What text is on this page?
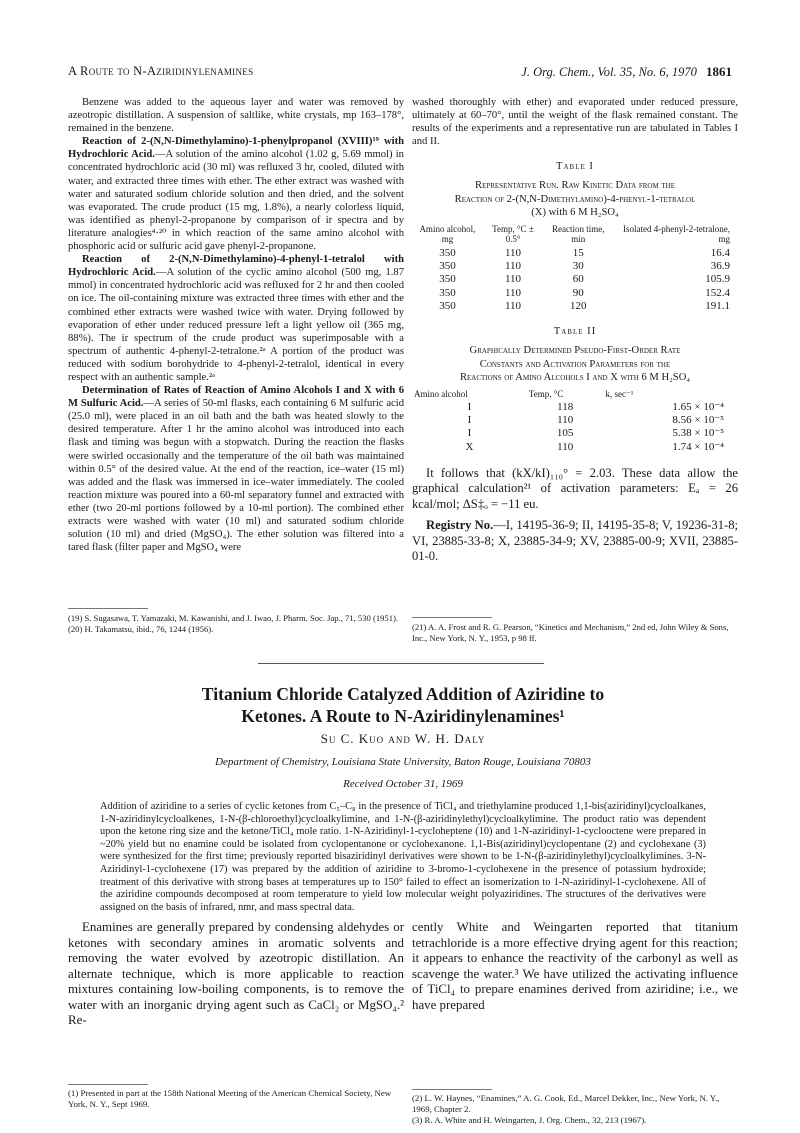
A Route to N-Aziridinylenamines	J. Org. Chem., Vol. 35, No. 6, 1970 1861

Benzene was added to the aqueous layer and water was removed by azeotropic distillation. A suspension of saltlike, white crystals, mp 163–178°, remained in the benzene.

Reaction of 2-(N,N-Dimethylamino)-1-phenylpropanol (XVIII)¹⁹ with Hydrochloric Acid.—A solution of the amino alcohol (1.02 g, 5.69 mmol) in concentrated hydrochloric acid (30 ml) was refluxed 3 hr, cooled, diluted with water, and extracted three times with ether. The ether extract was washed with water and saturated sodium chloride solution and then dried, and the solvent was evaporated. The crude product (15 mg, 1.8%), a nearly colorless liquid, was identified as phenyl-2-propanone by comparison of ir spectra and by literature analogies⁴·²⁰ in which reaction of the same amino alcohol with phosphoric acid or sulfuric acid gave phenyl-2-propanone.

Reaction of 2-(N,N-Dimethylamino)-4-phenyl-1-tetralol with Hydrochloric Acid.—A solution of the cyclic amino alcohol (500 mg, 1.87 mmol) in concentrated hydrochloric acid was refluxed for 2 hr and then cooled on ice. The oil-containing mixture was extracted three times with ether and the combined ether extracts were washed twice with water. Drying followed by evaporation of ether under reduced pressure left a light yellow oil (365 mg, 88%). The ir spectrum of the crude product was superimposable with a spectrum of authentic 4-phenyl-2-tetralone.²ᵃ A portion of the product was reduced with sodium borohydride to 4-phenyl-2-tetralol, identical in every respect with an authentic sample.²ᵃ

Determination of Rates of Reaction of Amino Alcohols I and X with 6 M Sulfuric Acid.—A series of 50-ml flasks, each containing 6 M sulfuric acid (25.0 ml), were placed in an oil bath and the bath was heated slowly to the desired temperature. After 1 hr the amino alcohol was introduced into each flask and timing was begun with a stopwatch. During the reaction the flasks were swirled occasionally and the temperature of the oil bath was maintained within 0.5° of the desired value. At the end of the reaction, ice–water (15 ml) was added and the flask was immersed in ice–water immediately. The cooled reaction mixture was poured into a 60-ml separatory funnel and extracted with ether (two 20-ml portions followed by a 10-ml portion). The combined ether extracts were washed with water (10 ml) and saturated sodium chloride solution (10 ml) and dried (MgSO₄). The ether solution was filtered into a tared flask (filter paper and MgSO₄ were

washed thoroughly with ether) and evaporated under reduced pressure, ultimately at 60–70°, until the weight of the flask remained constant. The results of the experiments and a representative run are tabulated in Tables I and II.

Table I
Representative Run. Raw Kinetic Data from the
Reaction of 2-(N,N-Dimethylamino)-4-phenyl-1-tetralol
(X) with 6 M H₂SO₄
Amino alcohol, mg	Temp, °C ± 0.5°	Reaction time, min	Isolated 4-phenyl-2-tetralone, mg
350	110	15	16.4
350	110	30	36.9
350	110	60	105.9
350	110	90	152.4
350	110	120	191.1
Table II
Graphically Determined Pseudo-First-Order Rate
Constants and Activation Parameters for the
Reactions of Amino Alcohols I and X with 6 M H₂SO₄
Amino alcohol	Temp, °C	k, sec⁻¹
I	118	1.65 × 10⁻⁴
I	110	8.56 × 10⁻⁵
I	105	5.38 × 10⁻⁵
X	110	1.74 × 10⁻⁴

It follows that (kX/kI)₁₁₀° = 2.03. These data allow the graphical calculation²¹ of activation parameters: Eₐ = 26 kcal/mol; ΔS‡ₒ = −11 eu.

Registry No.—I, 14195-36-9; II, 14195-35-8; V, 19236-31-8; VI, 23885-33-8; X, 23885-34-9; XV, 23885-00-9; XVII, 23885-01-0.

(19) S. Sugasawa, T. Yamazaki, M. Kawanishi, and J. Iwao, J. Pharm. Soc. Jap., 71, 530 (1951).

(20) H. Takamatsu, ibid., 76, 1244 (1956).	(21) A. A. Frost and R. G. Pearson, “Kinetics and Mechanism,” 2nd ed, John Wiley & Sons, Inc., New York, N. Y., 1953, p 98 ff.

Titanium Chloride Catalyzed Addition of Aziridine to
Ketones. A Route to N-Aziridinylenamines¹
Su C. Kuo and W. H. Daly
Department of Chemistry, Louisiana State University, Baton Rouge, Louisiana 70803
Received October 31, 1969
Addition of aziridine to a series of cyclic ketones from C₅–C₈ in the presence of TiCl₄ and triethylamine produced 1,1-bis(aziridinyl)cycloalkanes, 1-N-aziridinylcycloalkenes, 1-N-(β-chloroethyl)cycloalkylimine, and 1-N-(β-aziridinylethyl)cycloalkylimine. The product ratio was dependent upon the ketone ring size and the ketone/TiCl₄ mole ratio. 1-N-Aziridinyl-1-cycloheptene (10) and 1-N-aziridinyl-1-cyclooctene were prepared in ~20% yield but no enamine could be isolated from cyclopentanone or cyclohexanone. 1,1-Bis(aziridinyl)cyclopentane (2) and cyclohexane (3) were synthesized for the first time; previously reported bisaziridinyl derivatives were shown to be 1-N-(β-aziridinylethyl)cycloalkylimines. 3-N-Aziridinyl-1-cyclohexene (17) was prepared by the addition of aziridine to 3-bromo-1-cyclohexene in the presence of potassium hydroxide; treatment of this derivative with strong bases at temperatures up to 150° failed to effect an isomerization to 1-N-aziridinyl-1-cyclohexene. All of the aziridine compounds decomposed at room temperature to yield low molecular weight polyaziridines. The structures of the derivatives were assigned on the basis of infrared, nmr, and mass spectral data.

Enamines are generally prepared by condensing aldehydes or ketones with secondary amines in aromatic solvents and removing the water evolved by azeotropic distillation. An alternate technique, which is more applicable to reaction mixtures containing low-boiling components, is to remove the water with an inorganic drying agent such as CaCl₂ or MgSO₄.² Re-

cently White and Weingarten reported that titanium tetrachloride is a more effective drying agent for this reaction; it appears to enhance the reactivity of the carbonyl as well as scavenge the water.³ We have utilized the activating influence of TiCl₄ to prepare enamines derived from aziridine; i.e., we have prepared

(1) Presented in part at the 158th National Meeting of the American Chemical Society, New York, N. Y., Sept 1969.

(2) L. W. Haynes, “Enamines,” A. G. Cook, Ed., Marcel Dekker, Inc., New York, N. Y., 1969, Chapter 2.

(3) R. A. White and H. Weingarten, J. Org. Chem., 32, 213 (1967).
